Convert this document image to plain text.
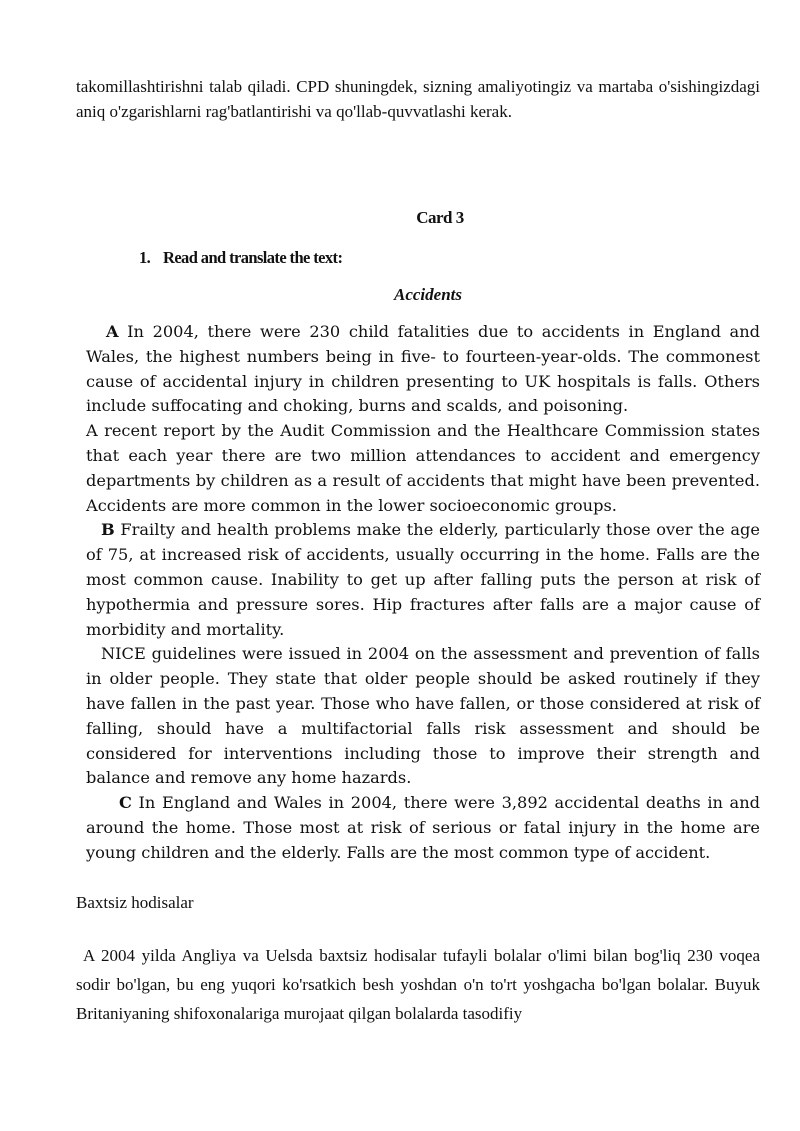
takomillashtirishni talab qiladi. CPD shuningdek, sizning amaliyotingiz va martaba o'sishingizdagi aniq o'zgarishlarni rag'batlantirishi va qo'llab-quvvatlashi kerak.
Card 3
1. Read and translate the text:
Accidents

A In 2004, there were 230 child fatalities due to accidents in England and Wales, the highest numbers being in five- to fourteen-year-olds. The commonest cause of accidental injury in children presenting to UK hospitals is falls. Others include suffocating and choking, burns and scalds, and poisoning.

A recent report by the Audit Commission and the Healthcare Commission states that each year there are two million attendances to accident and emergency departments by children as a result of accidents that might have been prevented. Accidents are more common in the lower socioeconomic groups.

B Frailty and health problems make the elderly, particularly those over the age of 75, at increased risk of accidents, usually occurring in the home. Falls are the most common cause. Inability to get up after falling puts the person at risk of hypothermia and pressure sores. Hip fractures after falls are a major cause of morbidity and mortality.

NICE guidelines were issued in 2004 on the assessment and prevention of falls in older people. They state that older people should be asked routinely if they have fallen in the past year. Those who have fallen, or those considered at risk of falling, should have a multifactorial falls risk assessment and should be considered for interventions including those to improve their strength and balance and remove any home hazards.

C In England and Wales in 2004, there were 3,892 accidental deaths in and around the home. Those most at risk of serious or fatal injury in the home are young children and the elderly. Falls are the most common type of accident.

Baxtsiz hodisalar
A 2004 yilda Angliya va Uelsda baxtsiz hodisalar tufayli bolalar o'limi bilan bog'liq 230 voqea sodir bo'lgan, bu eng yuqori ko'rsatkich besh yoshdan o'n to'rt yoshgacha bo'lgan bolalar. Buyuk Britaniyaning shifoxonalariga murojaat qilgan bolalarda tasodifiy
